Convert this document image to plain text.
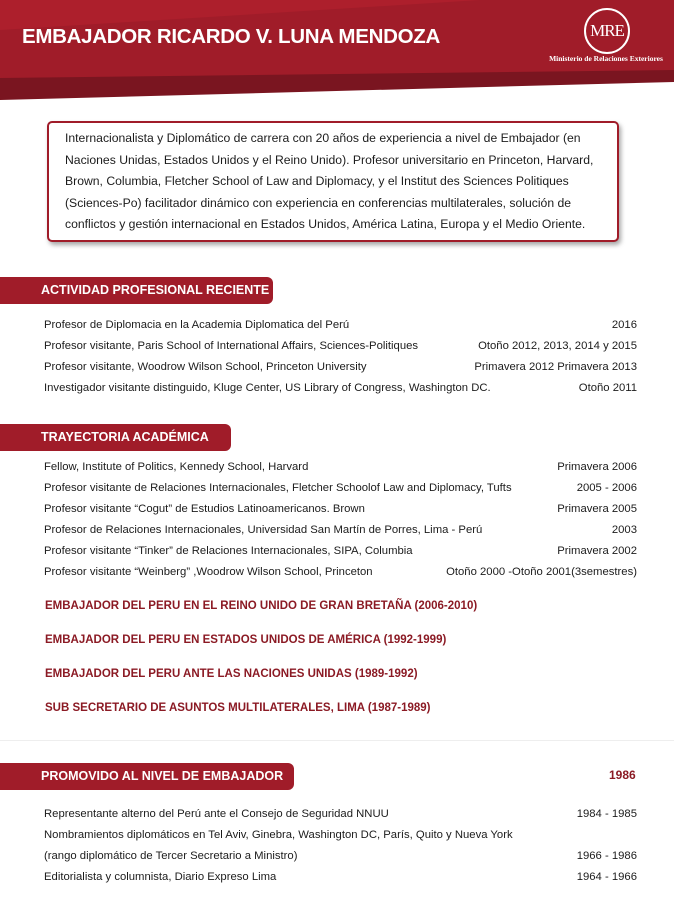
EMBAJADOR RICARDO V. LUNA MENDOZA	MRE
Ministerio de Relaciones Exteriores
Internacionalista y Diplomático de carrera con 20 años de experiencia a nivel de Embajador (en Naciones Unidas, Estados Unidos y el Reino Unido). Profesor universitario en Princeton, Harvard, Brown, Columbia, Fletcher School of Law and Diplomacy, y el Institut des Sciences Politiques (Sciences-Po) facilitador dinámico con experiencia en conferencias multilaterales, solución de conflictos y gestión internacional en Estados Unidos, América Latina, Europa y el Medio Oriente.
ACTIVIDAD PROFESIONAL RECIENTE
Profesor de Diplomacia en la Academia Diplomatica del Perú	2016
Profesor visitante, Paris School of International Affairs, Sciences-Politiques	Otoño 2012, 2013, 2014 y 2015
Profesor visitante, Woodrow Wilson School, Princeton University	Primavera 2012 Primavera 2013
Investigador visitante distinguido, Kluge Center, US Library of Congress, Washington DC.	Otoño 2011
TRAYECTORIA ACADÉMICA
Fellow, Institute of Politics, Kennedy School, Harvard	Primavera 2006
Profesor visitante de Relaciones Internacionales, Fletcher Schoolof Law and Diplomacy, Tufts	2005 - 2006
Profesor visitante “Cogut” de Estudios Latinoamericanos. Brown	Primavera 2005
Profesor de Relaciones Internacionales, Universidad San Martín de Porres, Lima - Perú	2003
Profesor visitante “Tinker” de Relaciones Internacionales, SIPA, Columbia	Primavera 2002
Profesor visitante “Weinberg” ,Woodrow Wilson School, Princeton	Otoño 2000 -Otoño 2001(3semestres)
EMBAJADOR DEL PERU EN EL REINO UNIDO DE GRAN BRETAÑA (2006-2010)
EMBAJADOR DEL PERU EN ESTADOS UNIDOS DE AMÉRICA (1992-1999)
EMBAJADOR DEL PERU ANTE LAS NACIONES UNIDAS (1989-1992)
SUB SECRETARIO DE ASUNTOS MULTILATERALES, LIMA (1987-1989)
PROMOVIDO AL NIVEL DE EMBAJADOR	1986
Representante alterno del Perú ante el Consejo de Seguridad NNUU	1984 - 1985
Nombramientos diplomáticos en Tel Aviv, Ginebra, Washington DC, París, Quito y Nueva York
(rango diplomático de Tercer Secretario a Ministro)	1966 - 1986
Editorialista y columnista, Diario Expreso Lima	1964 - 1966
